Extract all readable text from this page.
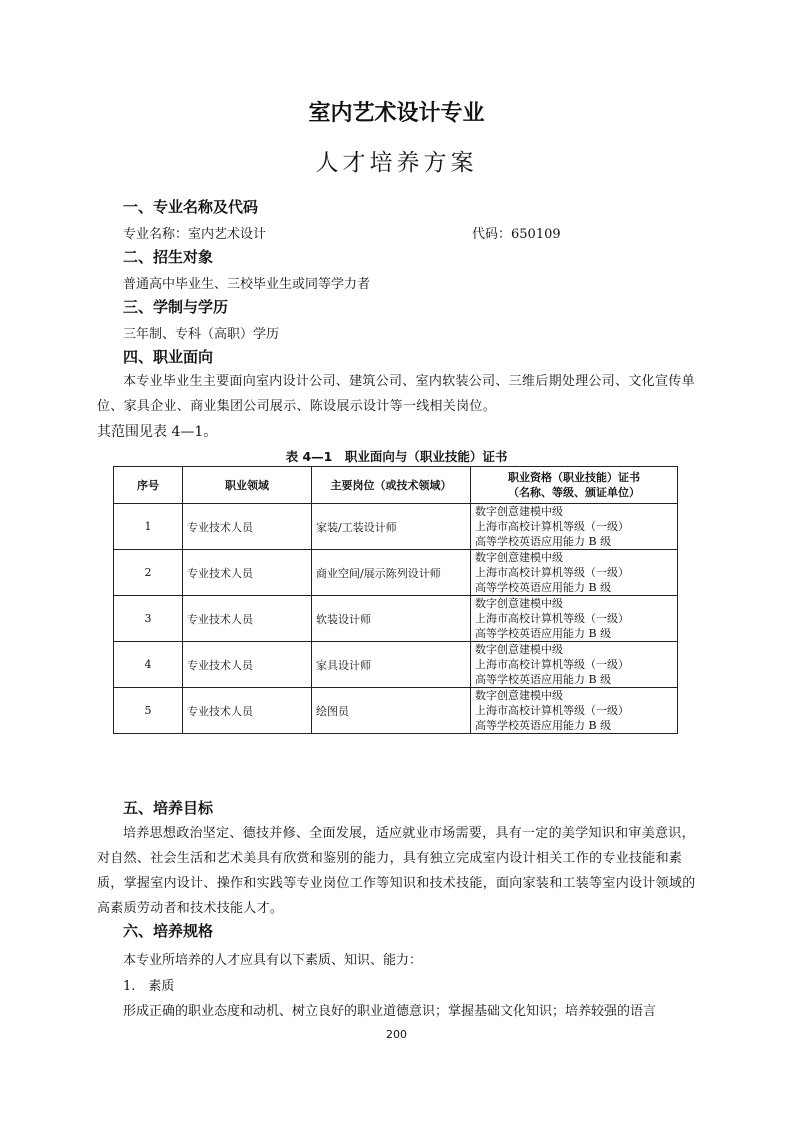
室内艺术设计专业
人才培养方案
一、专业名称及代码
专业名称：室内艺术设计	代码：650109
二、招生对象
普通高中毕业生、三校毕业生或同等学力者
三、学制与学历
三年制、专科（高职）学历
四、职业面向
本专业毕业生主要面向室内设计公司、建筑公司、室内软装公司、三维后期处理公司、文化宣传单位、家具企业、商业集团公司展示、陈设展示设计等一线相关岗位。
其范围见表 4—1。
表 4—1　职业面向与（职业技能）证书
序号	职业领域	主要岗位（或技术领域）	职业资格（职业技能）证书
（名称、等级、颁证单位）

1	专业技术人员	家装/工装设计师	数字创意建模中级
上海市高校计算机等级（一级）
高等学校英语应用能力 B 级

2	专业技术人员	商业空间/展示陈列设计师	数字创意建模中级
上海市高校计算机等级（一级）
高等学校英语应用能力 B 级

3	专业技术人员	软装设计师	数字创意建模中级
上海市高校计算机等级（一级）
高等学校英语应用能力 B 级

4	专业技术人员	家具设计师	数字创意建模中级
上海市高校计算机等级（一级）
高等学校英语应用能力 B 级

5	专业技术人员	绘图员	数字创意建模中级
上海市高校计算机等级（一级）
高等学校英语应用能力 B 级
五、培养目标
培养思想政治坚定、德技并修、全面发展，适应就业市场需要，具有一定的美学知识和审美意识，对自然、社会生活和艺术美具有欣赏和鉴别的能力，具有独立完成室内设计相关工作的专业技能和素质，掌握室内设计、操作和实践等专业岗位工作等知识和技术技能，面向家装和工装等室内设计领域的高素质劳动者和技术技能人才。
六、培养规格
本专业所培养的人才应具有以下素质、知识、能力：
1.　素质
形成正确的职业态度和动机、树立良好的职业道德意识；掌握基础文化知识；培养较强的语言
200
